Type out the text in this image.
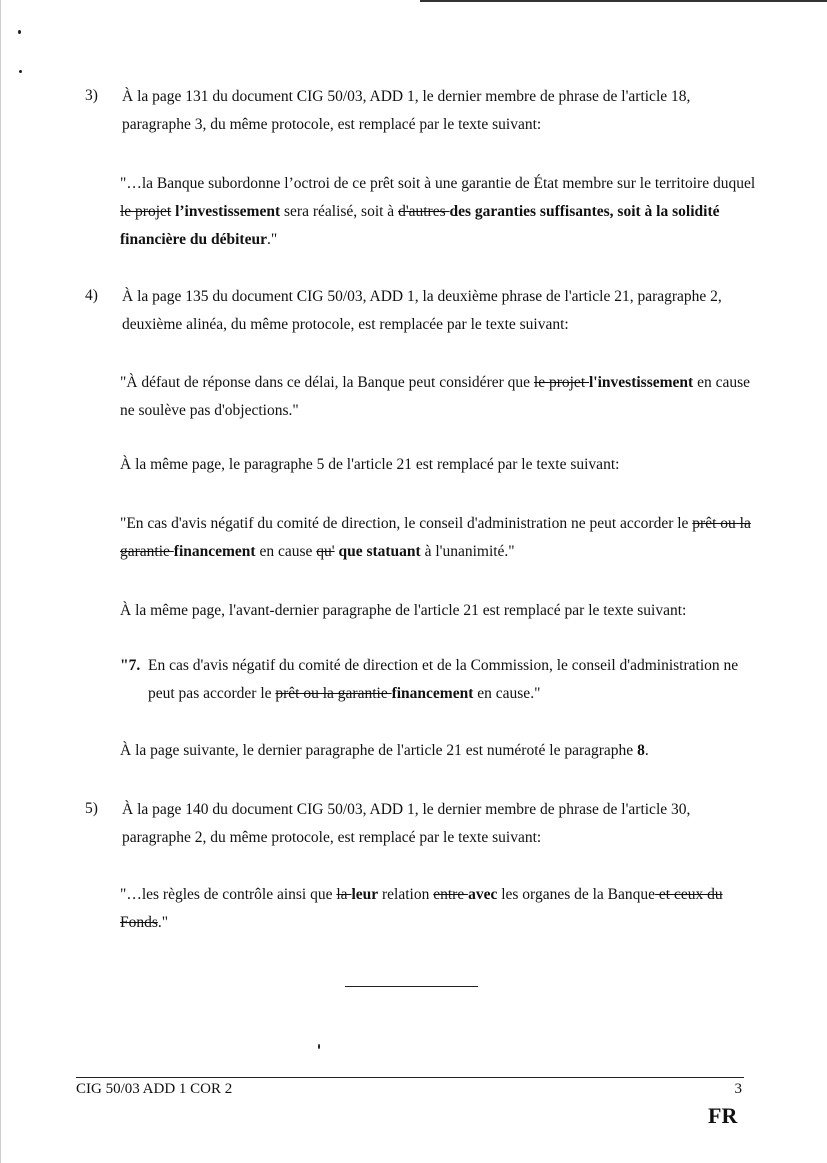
3)	À la page 131 du document CIG 50/03, ADD 1, le dernier membre de phrase de l'article 18, paragraphe 3, du même protocole, est remplacé par le texte suivant:
"…la Banque subordonne l’octroi de ce prêt soit à une garantie de État membre sur le territoire duquel le projet l’investissement sera réalisé, soit à d'autres des garanties suffisantes, soit à la solidité financière du débiteur."
4)	À la page 135 du document CIG 50/03, ADD 1, la deuxième phrase de l'article 21, paragraphe 2, deuxième alinéa, du même protocole, est remplacée par le texte suivant:
"À défaut de réponse dans ce délai, la Banque peut considérer que le projet l'investissement en cause ne soulève pas d'objections."
À la même page, le paragraphe 5 de l'article 21 est remplacé par le texte suivant:
"En cas d'avis négatif du comité de direction, le conseil d'administration ne peut accorder le prêt ou la garantie financement en cause qu' que statuant à l'unanimité."
À la même page, l'avant-dernier paragraphe de l'article 21 est remplacé par le texte suivant:
"7. En cas d'avis négatif du comité de direction et de la Commission, le conseil d'administration ne peut pas accorder le prêt ou la garantie financement en cause."
À la page suivante, le dernier paragraphe de l'article 21 est numéroté le paragraphe 8.
5)	À la page 140 du document CIG 50/03, ADD 1, le dernier membre de phrase de l'article 30, paragraphe 2, du même protocole, est remplacé par le texte suivant:
"…les règles de contrôle ainsi que la leur relation entre avec les organes de la Banque et ceux du Fonds."
CIG 50/03 ADD 1 COR 2	3
FR
